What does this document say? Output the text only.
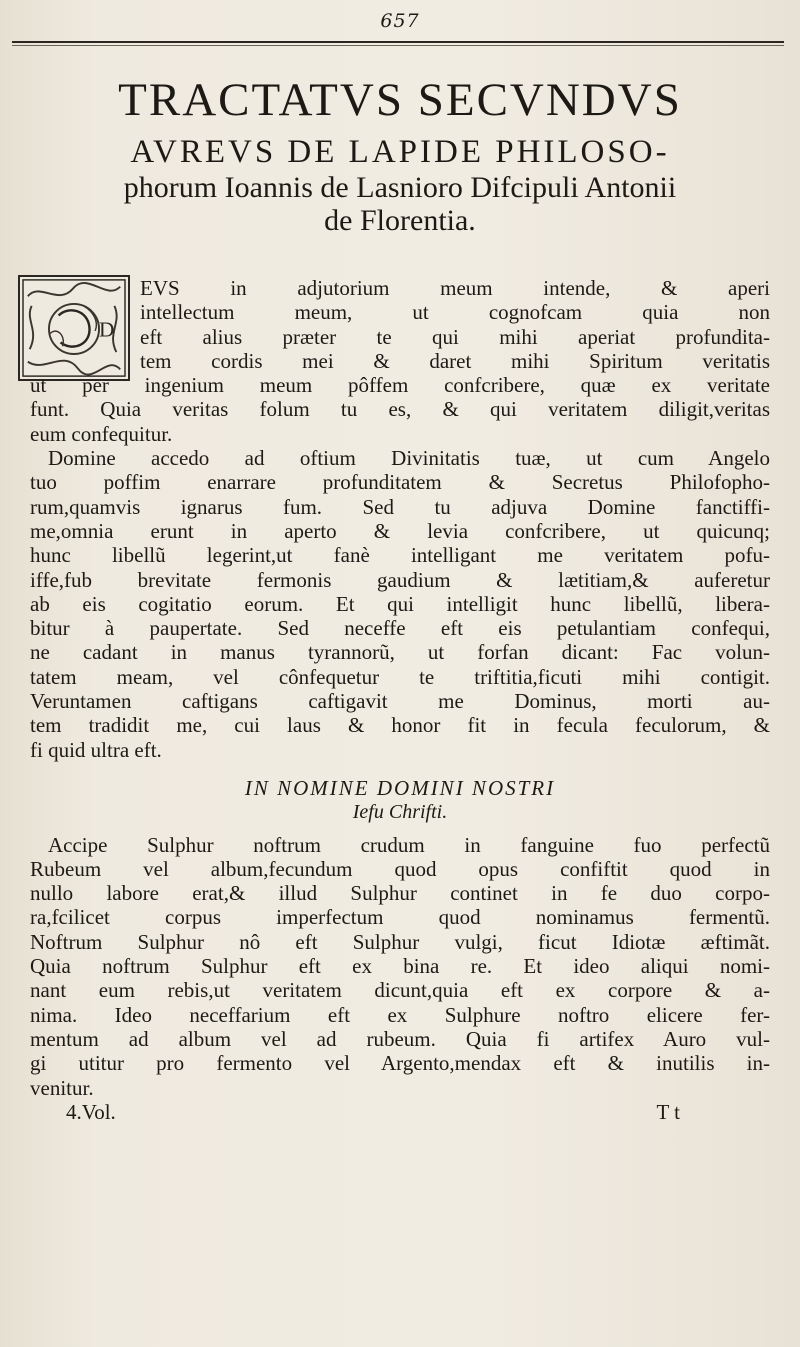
657
TRACTATVS SECVNDVS
AVREVS DE LAPIDE PHILOSO-
phorum Ioannis de Lasnioro Difcipuli Antonii
de Florentia.
D
EVS in adjutorium meum intende, & aperi
intellectum meum, ut cognofcam quia non
eft alius prӕter te qui mihi aperiat profundita-
tem cordis mei & daret mihi Spiritum veritatis
ut per ingenium meum pôffem confcribere, quӕ ex veritate
funt. Quia veritas folum tu es, & qui veritatem diligit,veritas
eum confequitur.
Domine accedo ad oftium Divinitatis tuӕ, ut cum Angelo
tuo poffim enarrare profunditatem & Secretus Philofopho-
rum,quamvis ignarus fum. Sed tu adjuva Domine fanctiffi-
me,omnia erunt in aperto & levia confcribere, ut quicunq;
hunc libellũ legerint,ut fanè intelligant me veritatem pofu-
iffe,fub brevitate fermonis gaudium & lӕtitiam,& auferetur
ab eis cogitatio eorum. Et qui intelligit hunc libellũ, libera-
bitur à paupertate. Sed neceffe eft eis petulantiam confequi,
ne cadant in manus tyrannorũ, ut forfan dicant: Fac volun-
tatem meam, vel cônfequetur te triftitia,ficuti mihi contigit.
Veruntamen caftigans caftigavit me Dominus, morti au-
tem tradidit me, cui laus & honor fit in fecula feculorum, &
fi quid ultra eft.
IN NOMINE DOMINI NOSTRI
Iefu Chrifti.
Accipe Sulphur noftrum crudum in fanguine fuo perfectũ
Rubeum vel album,fecundum quod opus confiftit quod in
nullo labore erat,& illud Sulphur continet in fe duo corpo-
ra,fcilicet corpus imperfectum quod nominamus fermentũ.
Noftrum Sulphur nô eft Sulphur vulgi, ficut Idiotӕ ӕftimãt.
Quia noftrum Sulphur eft ex bina re. Et ideo aliqui nomi-
nant eum rebis,ut veritatem dicunt,quia eft ex corpore & a-
nima. Ideo neceffarium eft ex Sulphure noftro elicere fer-
mentum ad album vel ad rubeum. Quia fi artifex Auro vul-
gi utitur pro fermento vel Argento,mendax eft & inutilis in-
venitur.
4.Vol.	T t
